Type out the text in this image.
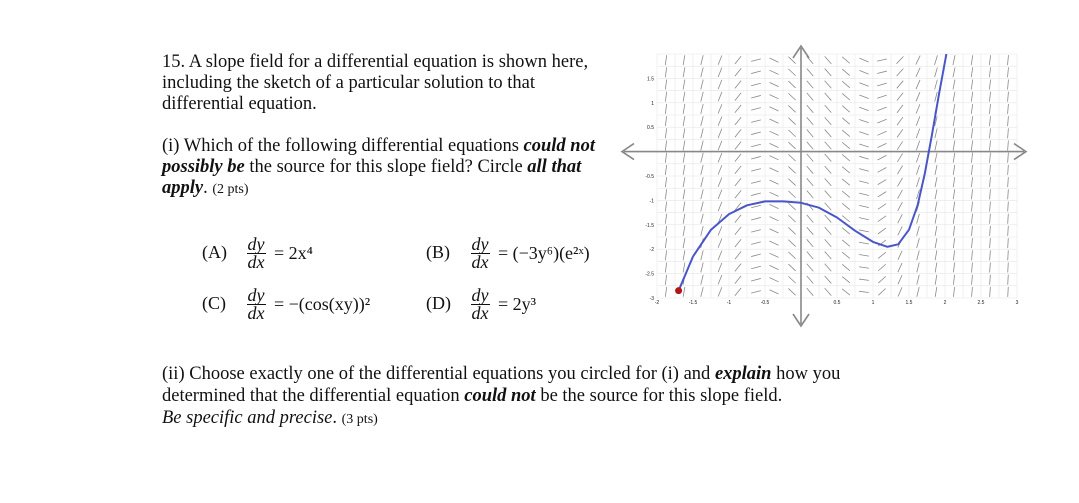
15. A slope field for a differential equation is shown here, including the sketch of a particular solution to that differential equation.
(i) Which of the following differential equations could not possibly be the source for this slope field? Circle all that apply. (2 pts)
$(A) \frac{dy}{dx} = 2x^4$	$(B) \frac{dy}{dx}$ = (−3y⁶)(e²ˣ)
$(C) \frac{dy}{dx} = -(\cos(xy))^2$	$(D) \frac{dy}{dx} = 2y^3$	-2	-1.5	-1	-0.5	0.5	1	1.5	2	2.5	3
1.5
1
0.5
-0.5
-1
-1.5
-2
-2.5
-3
(ii) Choose exactly one of the differential equations you circled for (i) and explain how you determined that the differential equation could not be the source for this slope field.
Be specific and precise. (3 pts)
